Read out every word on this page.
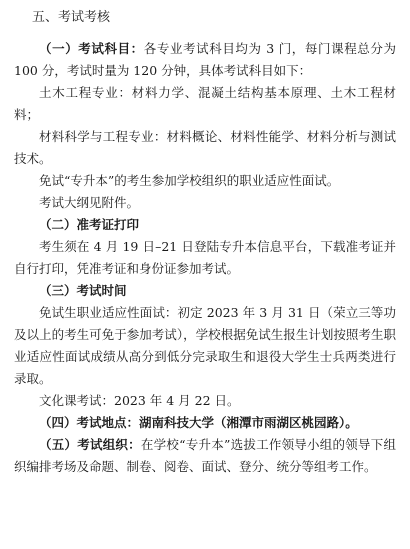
五、考试考核

（一）考试科目：各专业考试科目均为 3 门，每门课程总分为 100 分，考试时量为 120 分钟，具体考试科目如下：

土木工程专业：材料力学、混凝土结构基本原理、土木工程材料；

材料科学与工程专业：材料概论、材料性能学、材料分析与测试技术。

免试“专升本”的考生参加学校组织的职业适应性面试。

考试大纲见附件。

（二）准考证打印

考生须在 4 月 19 日–21 日登陆专升本信息平台，下载准考证并自行打印，凭准考证和身份证参加考试。

（三）考试时间

免试生职业适应性面试：初定 2023 年 3 月 31 日（荣立三等功及以上的考生可免于参加考试），学校根据免试生报生计划按照考生职业适应性面试成绩从高分到低分完录取生和退役大学生士兵两类进行录取。

文化课考试：2023 年 4 月 22 日。

（四）考试地点：湖南科技大学（湘潭市雨湖区桃园路）。

（五）考试组织：在学校“专升本”选拔工作领导小组的领导下组织编排考场及命题、制卷、阅卷、面试、登分、统分等组考工作。
